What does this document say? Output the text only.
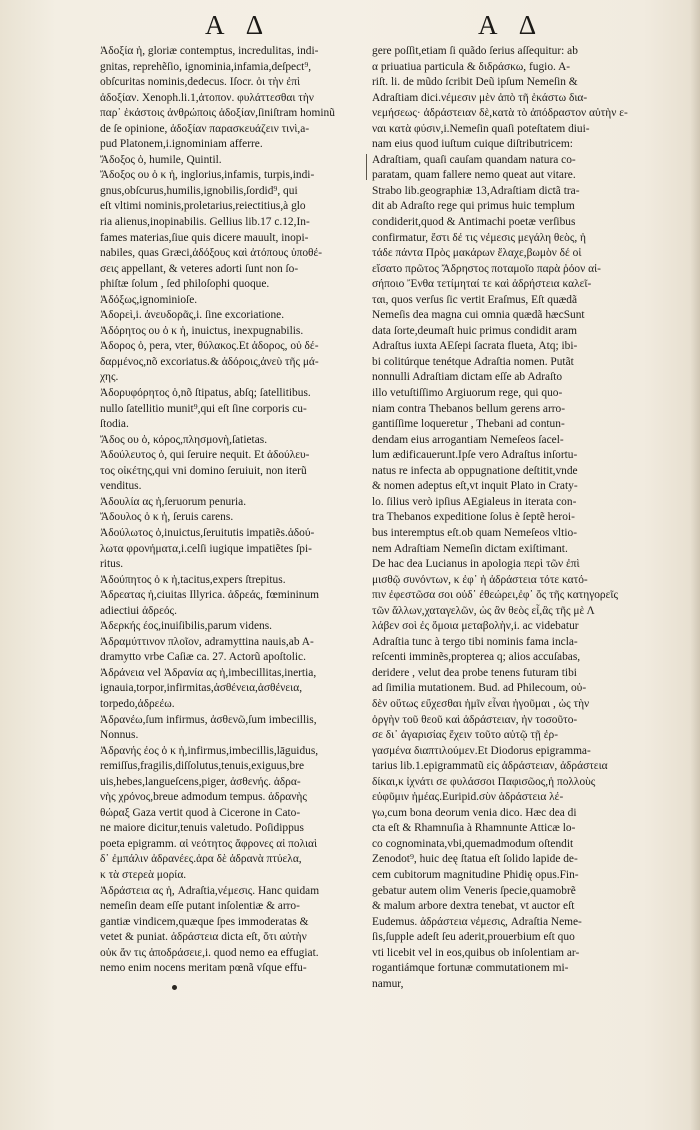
A Δ	A Δ
Ἀδοξία ἡ, gloriæ contemptus, incredulitas, indi-
gnitas, reprehẽſio, ignominia,infamia,deſpect⁹,
obſcuritas nominis,dedecus. Iſocr. ὁι τὴν ἐπὶ
ἀδοξίαν. Xenoph.li.1,ἀτοπον. φυλάττεσθαι τὴν
παρ᾽ ἑκάστοις ἀνθρώποις ἀδοξίαν,ſiniſtram hominũ
de ſe opinione, ἀδοξίαν παρασκευάζειν τινὶ,a-
pud Platonem,i.ignominiam afferre.
Ἄδοξος ὁ, humile, Quintil.
Ἄδοξος ου ὁ κ ἡ, inglorius,infamis, turpis,indi-
gnus,obſcurus,humilis,ignobilis,ſordid⁹, qui
eſt vltimi nominis,proletarius,reiectitius,à glo
ria alienus,inopinabilis. Gellius lib.17 c.12,In-
fames materias,ſiue quis dicere mauult, inopi-
nabiles, quas Græci,ἀδόξους καὶ ἀτόπους ὑποθέ-
σεις appellant, & veteres adorti ſunt non ſo-
phiſtæ ſolum , ſed philoſophi quoque.
Ἀδόξως,ignominioſe.
Ἀδορεὶ,i. ἀνευδορᾶς,i. ſine excoriatione.
Ἀδόρητος ου ὁ κ ἡ, inuictus, inexpugnabilis.
Ἀδορος ὁ, pera, vter, θύλακος.Et ἀδορος, οὐ δέ-
δαρμένος,nõ excoriatus.& ἀδόροις,ἀνεὺ τῆς μά-
χης.
Ἀδορυφόρητος ὁ,nõ ſtipatus, abſq; ſatellitibus.
nullo ſatellitio munit⁹,qui eſt ſine corporis cu-
ſtodia.
Ἄδος ου ὁ, κόρος,πλησμονὴ,ſatietas.
Ἀδούλευτος ὁ, qui ſeruire nequit. Et ἀδούλευ-
τος οἰκέτης,qui vni domino ſeruiuit, non iterũ
venditus.
Ἀδουλία ας ἡ,ſeruorum penuria.
Ἄδουλος ὁ κ ἡ, ſeruis carens.
Ἀδούλωτος ὁ,inuictus,ſeruitutis impatiẽs.ἀδού-
λωτα φρονήματα,i.celſi iugique impatiẽtes ſpi-
ritus.
Ἀδούπητος ὁ κ ἡ,tacitus,expers ſtrepitus.
Ἀδρεατας ἡ,ciuitas Illyrica. ἀδρεάς, fœmininum
adiectiui ἀδρεός.
Ἀδερκής έος,inuiſibilis,parum videns.
Ἀδραμύττινον πλοῖον, adramyttina nauis,ab A-
dramytto vrbe Caſiæ ca. 27. Actorũ apoſtolic.
Ἀδράνεια vel Ἀδρανία ας ἡ,imbecillitas,inertia,
ignauia,torpor,infirmitas,ἀσθένεια,ἀσθένεια,
torpedo,ἀδρεέω.
Ἀδρανέω,ſum infirmus, ἀσθενῶ,ſum imbecillis,
Nonnus.
Ἀδρανής έος ὁ κ ἡ,infirmus,imbecillis,lāguidus,
remiſſus,fragilis,diſſolutus,tenuis,exiguus,bre
uis,hebes,langueſcens,piger, ἀσθενής. ἀδρα-
νὴς χρόνος,breue admodum tempus. ἀδρανὴς
θώραξ Gaza vertit quod à Cicerone in Cato-
ne maiore dicitur,tenuis valetudo. Poſidippus
poeta epigramm. αἱ νεότητος ἄφρονες αἱ πολιαὶ
δ᾽ ἐμπάλιν ἀδρανέες.ἀρα δὲ ἀδρανὰ πτύελα,
κ τὰ στερεὰ μορία.
Ἀδράστεια ας ἡ, Adraſtia,νέμεσις. Hanc quidam
nemeſin deam eſſe putant inſolentiæ & arro-
gantiæ vindicem,quæque ſpes immoderatas &
vetet & puniat. ἀδράστεια dicta eſt, ὅτι αὐτὴν
οὐκ ἄν τις ἀποδράσειε,i. quod nemo ea effugiat.
nemo enim nocens meritam pœnã vſque effu-
gere poſſit,etiam ſi quãdo ſerius aſſequitur: ab
α priuatiua particula & διδράσκω, fugio. A-
riſt. li. de mũdo ſcribit Deũ ipſum Nemeſin &
Adraſtiam dici.νέμεσιν μὲν ἀπὸ τῆ ἑκάστω δια-
νεμήσεως· ἀδράστειαν δὲ,κατὰ τὸ ἀπόδραστον αὐτὴν ε-
ναι κατὰ φύσιν,i.Nemeſin quaſi poteſtatem diui-
nam eius quod iuſtum cuique diſtributricem:
Adraſtiam, quaſi cauſam quandam natura co-
paratam, quam fallere nemo queat aut vitare.
Strabo lib.geographiæ 13,Adraſtiam dictã tra-
dit ab Adraſto rege qui primus huic templum
condiderit,quod & Antimachi poetæ verſibus
confirmatur, ἔστι δέ τις νέμεσις μεγάλη θεὸς, ἡ
τάδε πάντα Πρὸς μακάρων ἔλαχε,βωμὸν δέ οἱ
εἵσατο πρῶτος Ἄδρηστος ποταμοῖο παρὰ ῥόον αἰ-
σήποιο Ἔνθα τετίμηταί τε καὶ ἀδρήστεια καλεῖ-
ται, quos verſus ſic vertit Eraſmus, Eſt quædã
Nemeſis dea magna cui omnia quædã hæcSunt
data ſorte,deumaſt huic primus condidit aram
Adraſtus iuxta AEſepi ſacrata flueta, Atq; ibi-
bi colitúrque tenétque Adraſtia nomen. Putãt
nonnulli Adraſtiam dictam eſſe ab Adraſto
illo vetuſtiſſimo Argiuorum rege, qui quo-
niam contra Thebanos bellum gerens arro-
gantiſſime loqueretur , Thebani ad contun-
dendam eius arrogantiam Nemeſeos ſacel-
lum ædificauerunt.Ipſe vero Adraſtus inſortu-
natus re infecta ab oppugnatione deſtitit,vnde
& nomen adeptus eſt,vt inquit Plato in Craty-
lo. ſilius verò ipſius AEgialeus in iterata con-
tra Thebanos expeditione ſolus è ſeptẽ heroi-
bus interemptus eſt.ob quam Nemeſeos vltio-
nem Adraſtiam Nemeſin dictam exiſtimant.
De hac dea Lucianus in apologia περὶ τῶν ἐπὶ
μισθῷ συνόντων, κ ἐφ᾽ ἡ ἀδράστεια τότε κατό-
πιν ἐφεστῶσα σοι οὐδ᾽ ἐθεώρει,ἐφ᾽ ὅς τῆς κατηγορεῖς
τῶν ἄλλων,χαταγελῶν, ὡς ἂν θεὸς εἶ,ἂς τῆς μὲ Λ
λάβεν σοὶ ἐς ὅμοια μεταβολὴν,i. ac videbatur
Adraſtia tunc à tergo tibi nominis fama incla-
reſcenti imminẽs,propterea q; alios accuſabas,
deridere , velut dea probe tenens futuram tibi
ad ſimilia mutationem. Bud. ad Philecoum, οὐ-
δὲν οὕτως εὔχεσθαι ἡμῖν εἶναι ἡγοῦμαι , ὡς τὴν
ὀργὴν τοῦ θεοῦ καὶ ἀδράστειαν, ἡν τοσοῦτο-
σε δι᾽ ἀγαρισίας ἔχειν τοῦτο αὐτῷ τῇ ἐρ-
γασμένα διαπτιλούμεν.Et Diodorus epigramma-
tarius lib.1.epigrammatũ εἰς ἀδράστειαν, ἀδράστεια
δίκαι,κ ἰχνάτι σε φυλάσσοι Παφισῶος,ἡ πολλοὺς
εὐφῦμιν ἡμέας.Euripid.σὺν ἀδράστεια λέ-
γω,cum bona deorum venia dico. Hæc dea di
cta eſt & Rhamnuſia à Rhamnunte Atticæ lo-
co cognominata,vbi,quemadmodum oſtendit
Zenodot⁹, huic deę ſtatua eſt ſolido lapide de-
cem cubitorum magnitudine Phidię opus.Fin-
gebatur autem olim Veneris ſpecie,quamobrẽ
& malum arbore dextra tenebat, vt auctor eſt
Eudemus. ἀδράστεια νέμεσις, Adraſtia Neme-
ſis,ſupple adeſt ſeu aderit,prouerbium eſt quo
vti licebit vel in eos,quibus ob inſolentiam ar-
rogantiámque fortunæ commutationem mi-
namur,
